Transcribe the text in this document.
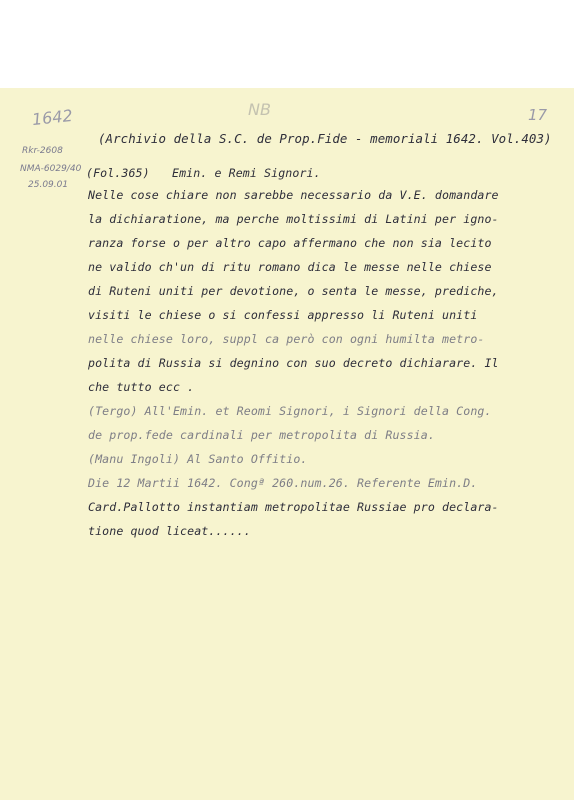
1642	NB	17
Rkr-2608
NMA-6029/40
25.09.01
(Archivio della S.C. de Prop.Fide - memoriali 1642. Vol.403)
(Fol.365) Emin. e Remi Signori.
Nelle cose chiare non sarebbe necessario da V.E. domandare
la dichiaratione, ma perche moltissimi di Latini per igno-
ranza forse o per altro capo affermano che non sia lecito
ne valido ch'un di ritu romano dica le messe nelle chiese
di Ruteni uniti per devotione, o senta le messe, prediche,
visiti le chiese o si confessi appresso li Ruteni uniti
nelle chiese loro, suppl ca però con ogni humilta metro-
polita di Russia si degnino con suo decreto dichiarare. Il
che tutto ecc .
(Tergo) All'Emin. et Reomi Signori, i Signori della Cong.
de prop.fede cardinali per metropolita di Russia.
(Manu Ingoli) Al Santo Offitio.
Die 12 Martii 1642. Congª 260.num.26. Referente Emin.D.
Card.Pallotto instantiam metropolitae Russiae pro declara-
tione quod liceat......
